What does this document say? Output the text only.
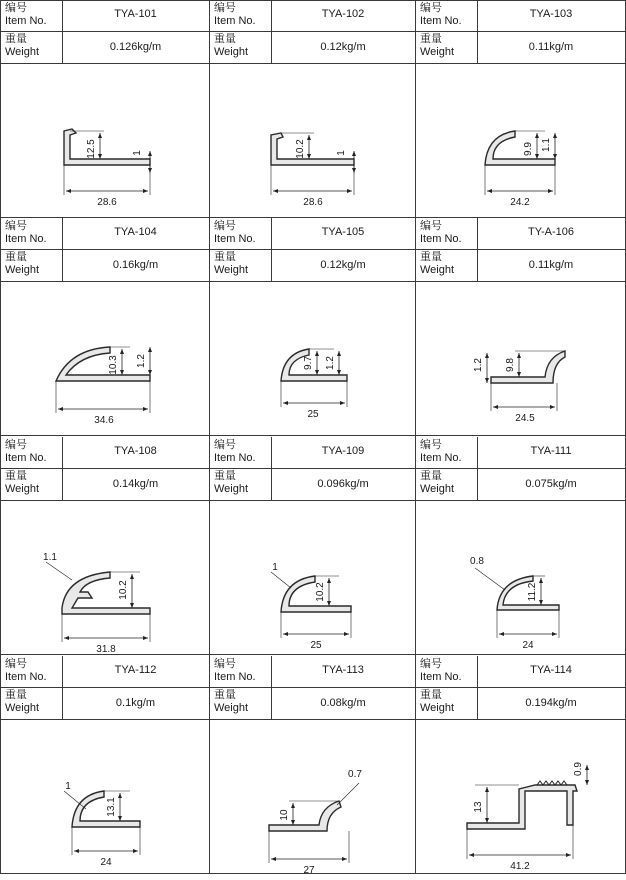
编号
Item No.
重量
Weight
TYA-101
0.126kg/m
28.6
12.5	1
编号
Item No.
重量
Weight
TYA-102
0.12kg/m
28.6
10.2	1
编号
Item No.
重量
Weight
TYA-103
0.11kg/m
24.2
9.9 1.1
编号
Item No.
重量
Weight
TYA-104
0.16kg/m
34.6
10.3 1.2
编号
Item No.
重量
Weight
TYA-105
0.12kg/m
25
9.7 1.2
编号
Item No.
重量
Weight
TY-A-106
0.11kg/m
24.5
9.8
1.2
编号
Item No.
重量
Weight
TYA-108
0.14kg/m
31.8
10.2
1.1
编号
Item No.
重量
Weight
TYA-109
0.096kg/m
25
10.2
1
编号
Item No.
重量
Weight
TYA-111
0.075kg/m
24
11.2
0.8
编号
Item No.
重量
Weight
TYA-112
0.1kg/m
24
13.1
1
编号
Item No.
重量
Weight
TYA-113
0.08kg/m
27
10
0.7
编号
Item No.
重量
Weight
TYA-114
0.194kg/m
41.2
13
0.9
